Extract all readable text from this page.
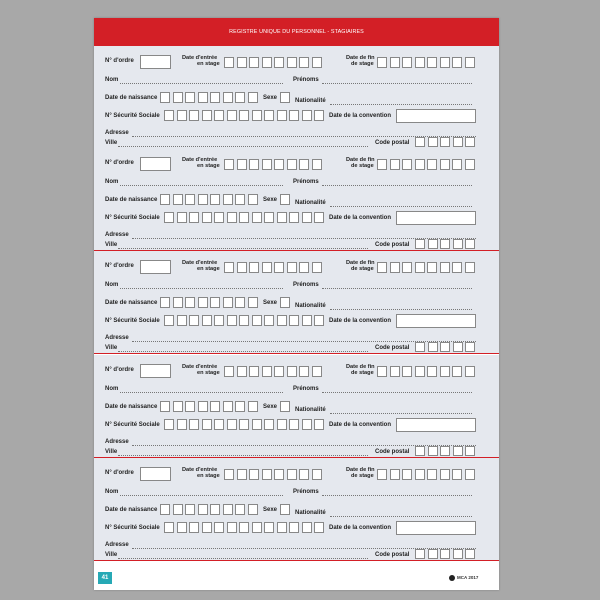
REGISTRE UNIQUE DU PERSONNEL - STAGIAIRES
41	MCA 2017
N° d'ordre	Date d'entrée
en stage
Date de fin
de stage
Nom	Prénoms
Date de naissance	Sexe	Nationalité
N° Sécurité Sociale	Date de la convention
Adresse
Ville	Code postal
N° d'ordre	Date d'entrée
en stage
Date de fin
de stage
Nom	Prénoms
Date de naissance	Sexe	Nationalité
N° Sécurité Sociale	Date de la convention
Adresse
Ville	Code postal
N° d'ordre	Date d'entrée
en stage
Date de fin
de stage
Nom	Prénoms
Date de naissance	Sexe	Nationalité
N° Sécurité Sociale	Date de la convention
Adresse
Ville	Code postal
N° d'ordre	Date d'entrée
en stage
Date de fin
de stage
Nom	Prénoms
Date de naissance	Sexe	Nationalité
N° Sécurité Sociale	Date de la convention
Adresse
Ville	Code postal
N° d'ordre	Date d'entrée
en stage
Date de fin
de stage
Nom	Prénoms
Date de naissance	Sexe	Nationalité
N° Sécurité Sociale	Date de la convention
Adresse
Ville	Code postal
